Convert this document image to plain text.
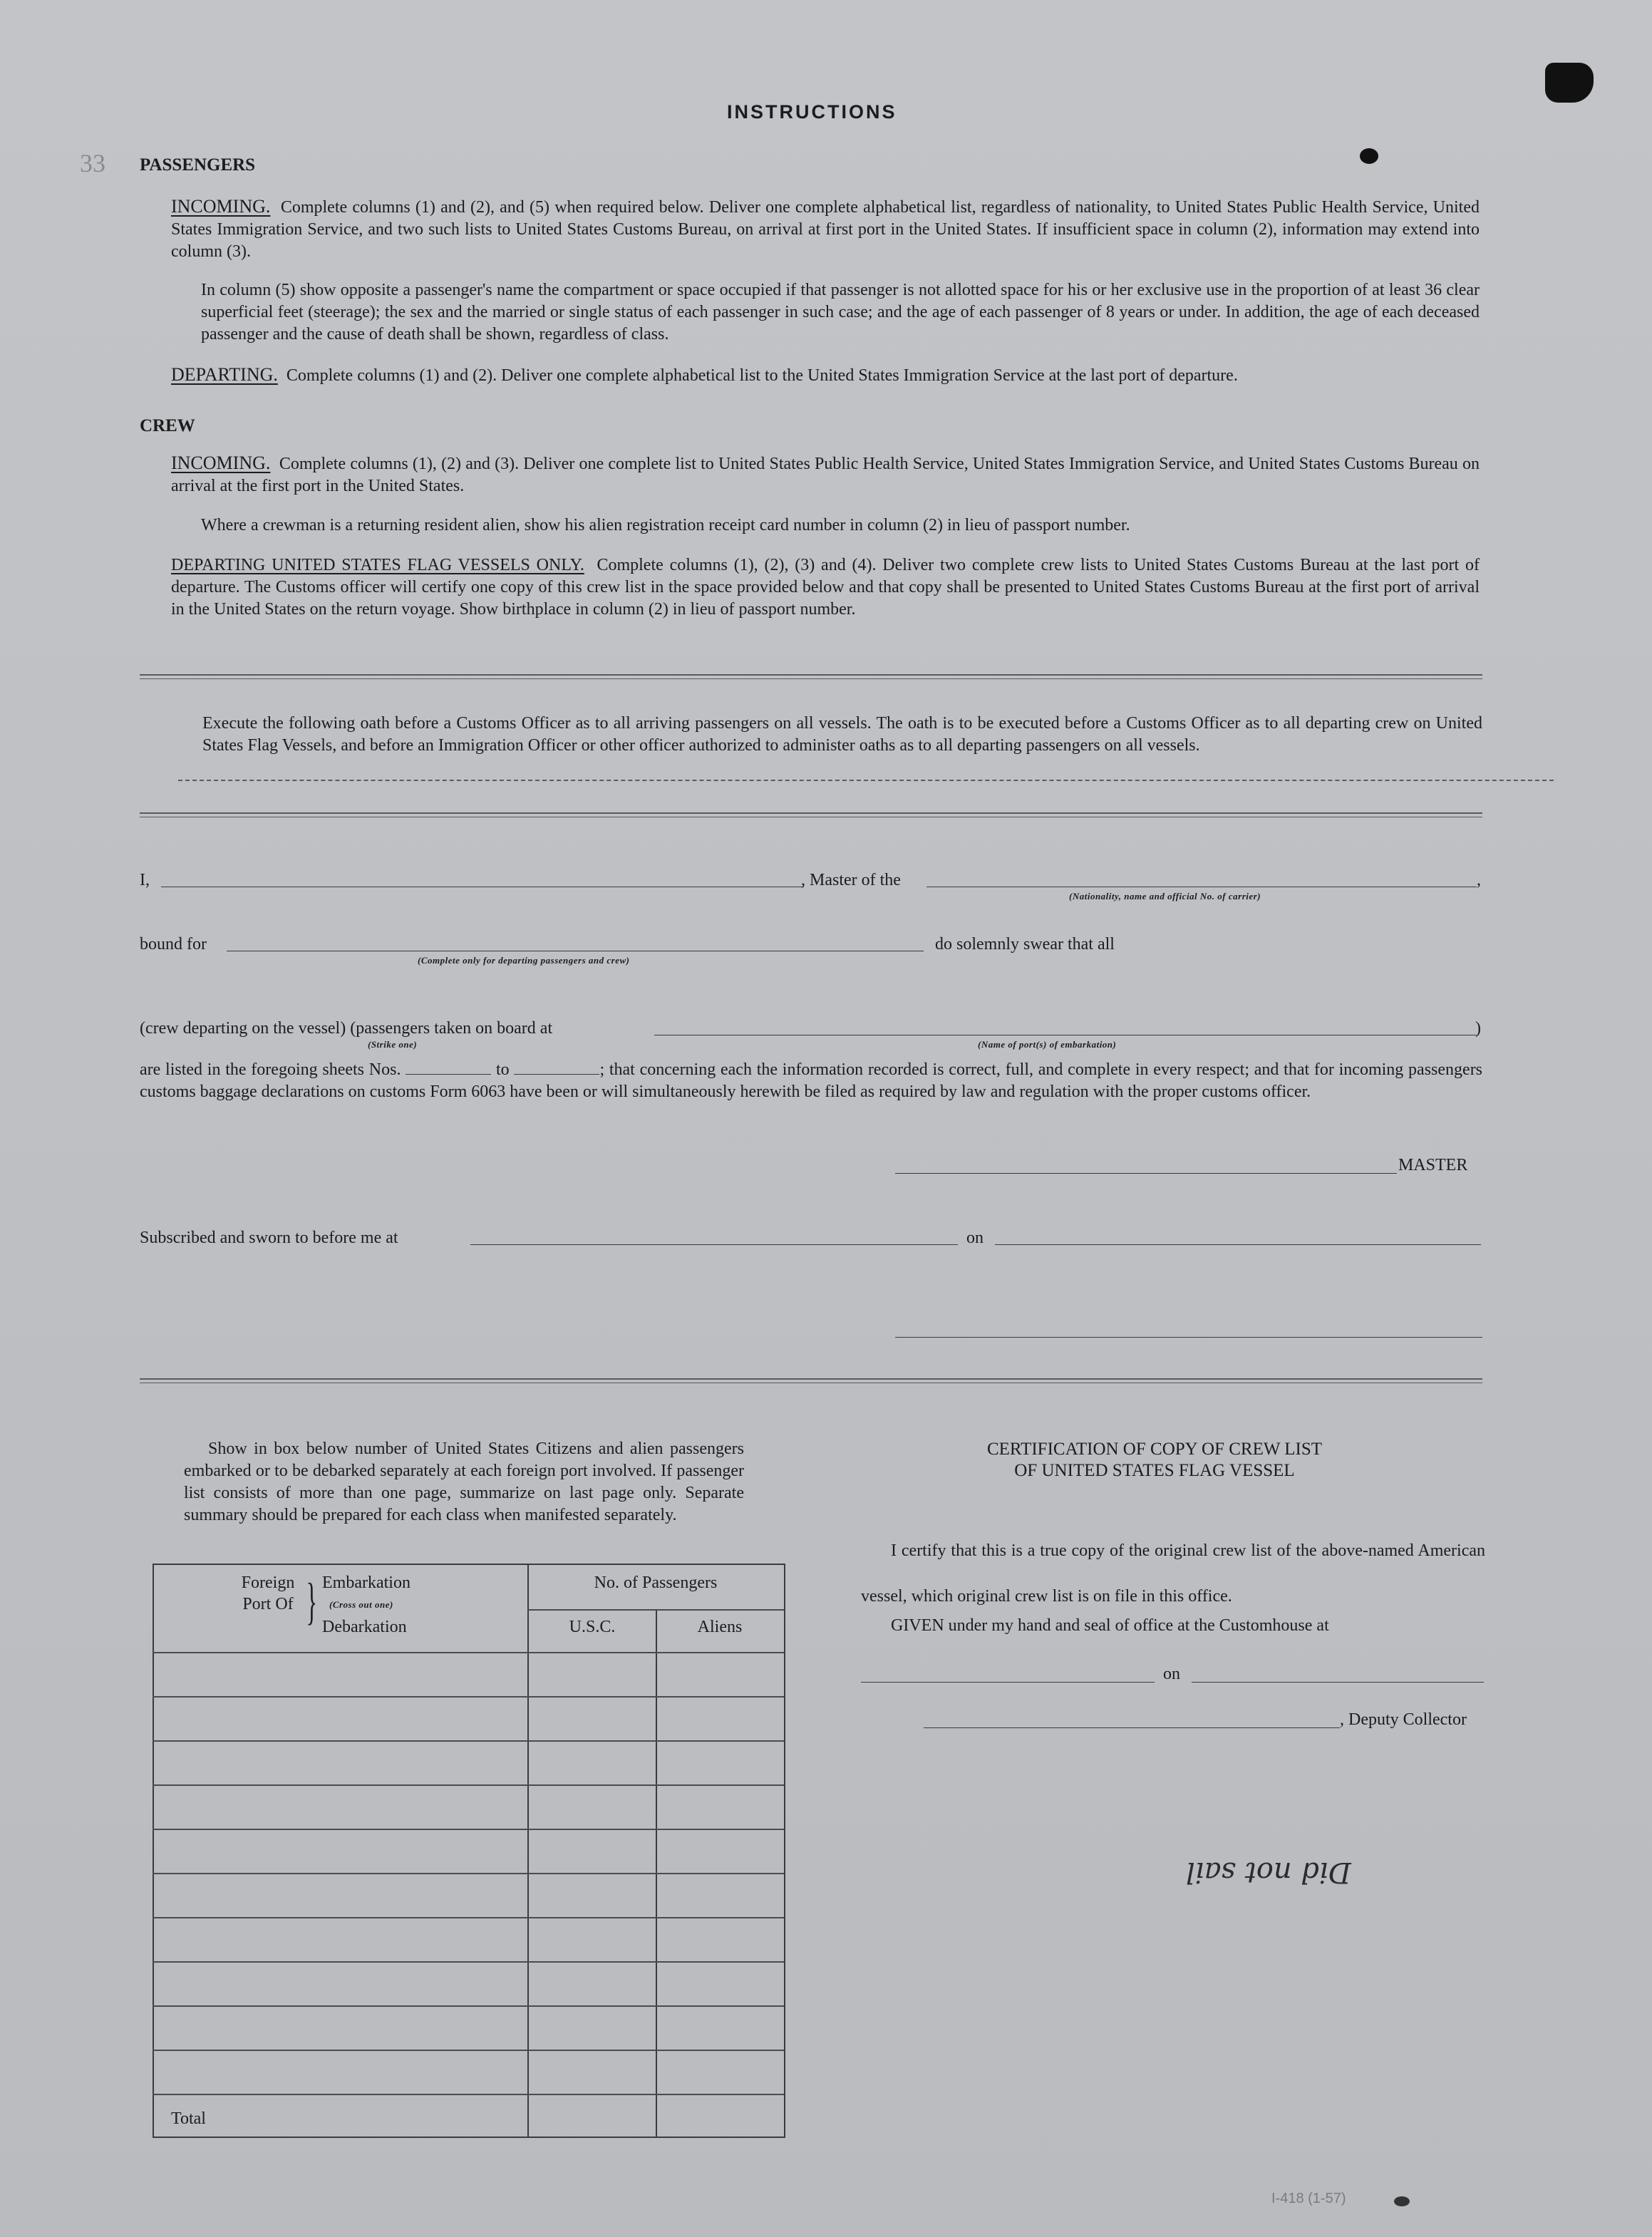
33
INSTRUCTIONS
PASSENGERS
INCOMING. Complete columns (1) and (2), and (5) when required below. Deliver one complete alphabetical list, regardless of nationality, to United States Public Health Service, United States Immigration Service, and two such lists to United States Customs Bureau, on arrival at first port in the United States. If insufficient space in column (2), information may extend into column (3).
In column (5) show opposite a passenger's name the compartment or space occupied if that passenger is not allotted space for his or her exclusive use in the proportion of at least 36 clear superficial feet (steerage); the sex and the married or single status of each passenger in such case; and the age of each passenger of 8 years or under. In addition, the age of each deceased passenger and the cause of death shall be shown, regardless of class.
DEPARTING. Complete columns (1) and (2). Deliver one complete alphabetical list to the United States Immigration Service at the last port of departure.
CREW
INCOMING. Complete columns (1), (2) and (3). Deliver one complete list to United States Public Health Service, United States Immigration Service, and United States Customs Bureau on arrival at the first port in the United States.
Where a crewman is a returning resident alien, show his alien registration receipt card number in column (2) in lieu of passport number.
DEPARTING UNITED STATES FLAG VESSELS ONLY. Complete columns (1), (2), (3) and (4). Deliver two complete crew lists to United States Customs Bureau at the last port of departure. The Customs officer will certify one copy of this crew list in the space provided below and that copy shall be presented to United States Customs Bureau at the first port of arrival in the United States on the return voyage. Show birthplace in column (2) in lieu of passport number.
Execute the following oath before a Customs Officer as to all arriving passengers on all vessels. The oath is to be executed before a Customs Officer as to all departing crew on United States Flag Vessels, and before an Immigration Officer or other officer authorized to administer oaths as to all departing passengers on all vessels.
I,	, Master of the	,
(Nationality, name and official No. of carrier)
bound for	do solemnly swear that all
(Complete only for departing passengers and crew)
(crew departing on the vessel) (passengers taken on board at	)
(Strike one)	(Name of port(s) of embarkation)
are listed in the foregoing sheets Nos.	to	; that concerning each the information recorded is correct, full, and complete in every respect; and that for incoming passengers customs baggage declarations on customs Form 6063 have been or will simultaneously herewith be filed as required by law and regulation with the proper customs officer.
MASTER
Subscribed and sworn to before me at	on
Show in box below number of United States Citizens and alien passengers embarked or to be debarked separately at each foreign port involved. If passenger list consists of more than one page, summarize on last page only. Separate summary should be prepared for each class when manifested separately.
Foreign Port Of } Embarkation
(Cross out one)
Debarkation
No. of Passengers
U.S.C.	Aliens
Total
CERTIFICATION OF COPY OF CREW LIST
OF UNITED STATES FLAG VESSEL
I certify that this is a true copy of the original crew list of the above-named American vessel, which original crew list is on file in this office.
GIVEN under my hand and seal of office at the Customhouse at
on
, Deputy Collector
Did not sail
I-418 (1-57)
